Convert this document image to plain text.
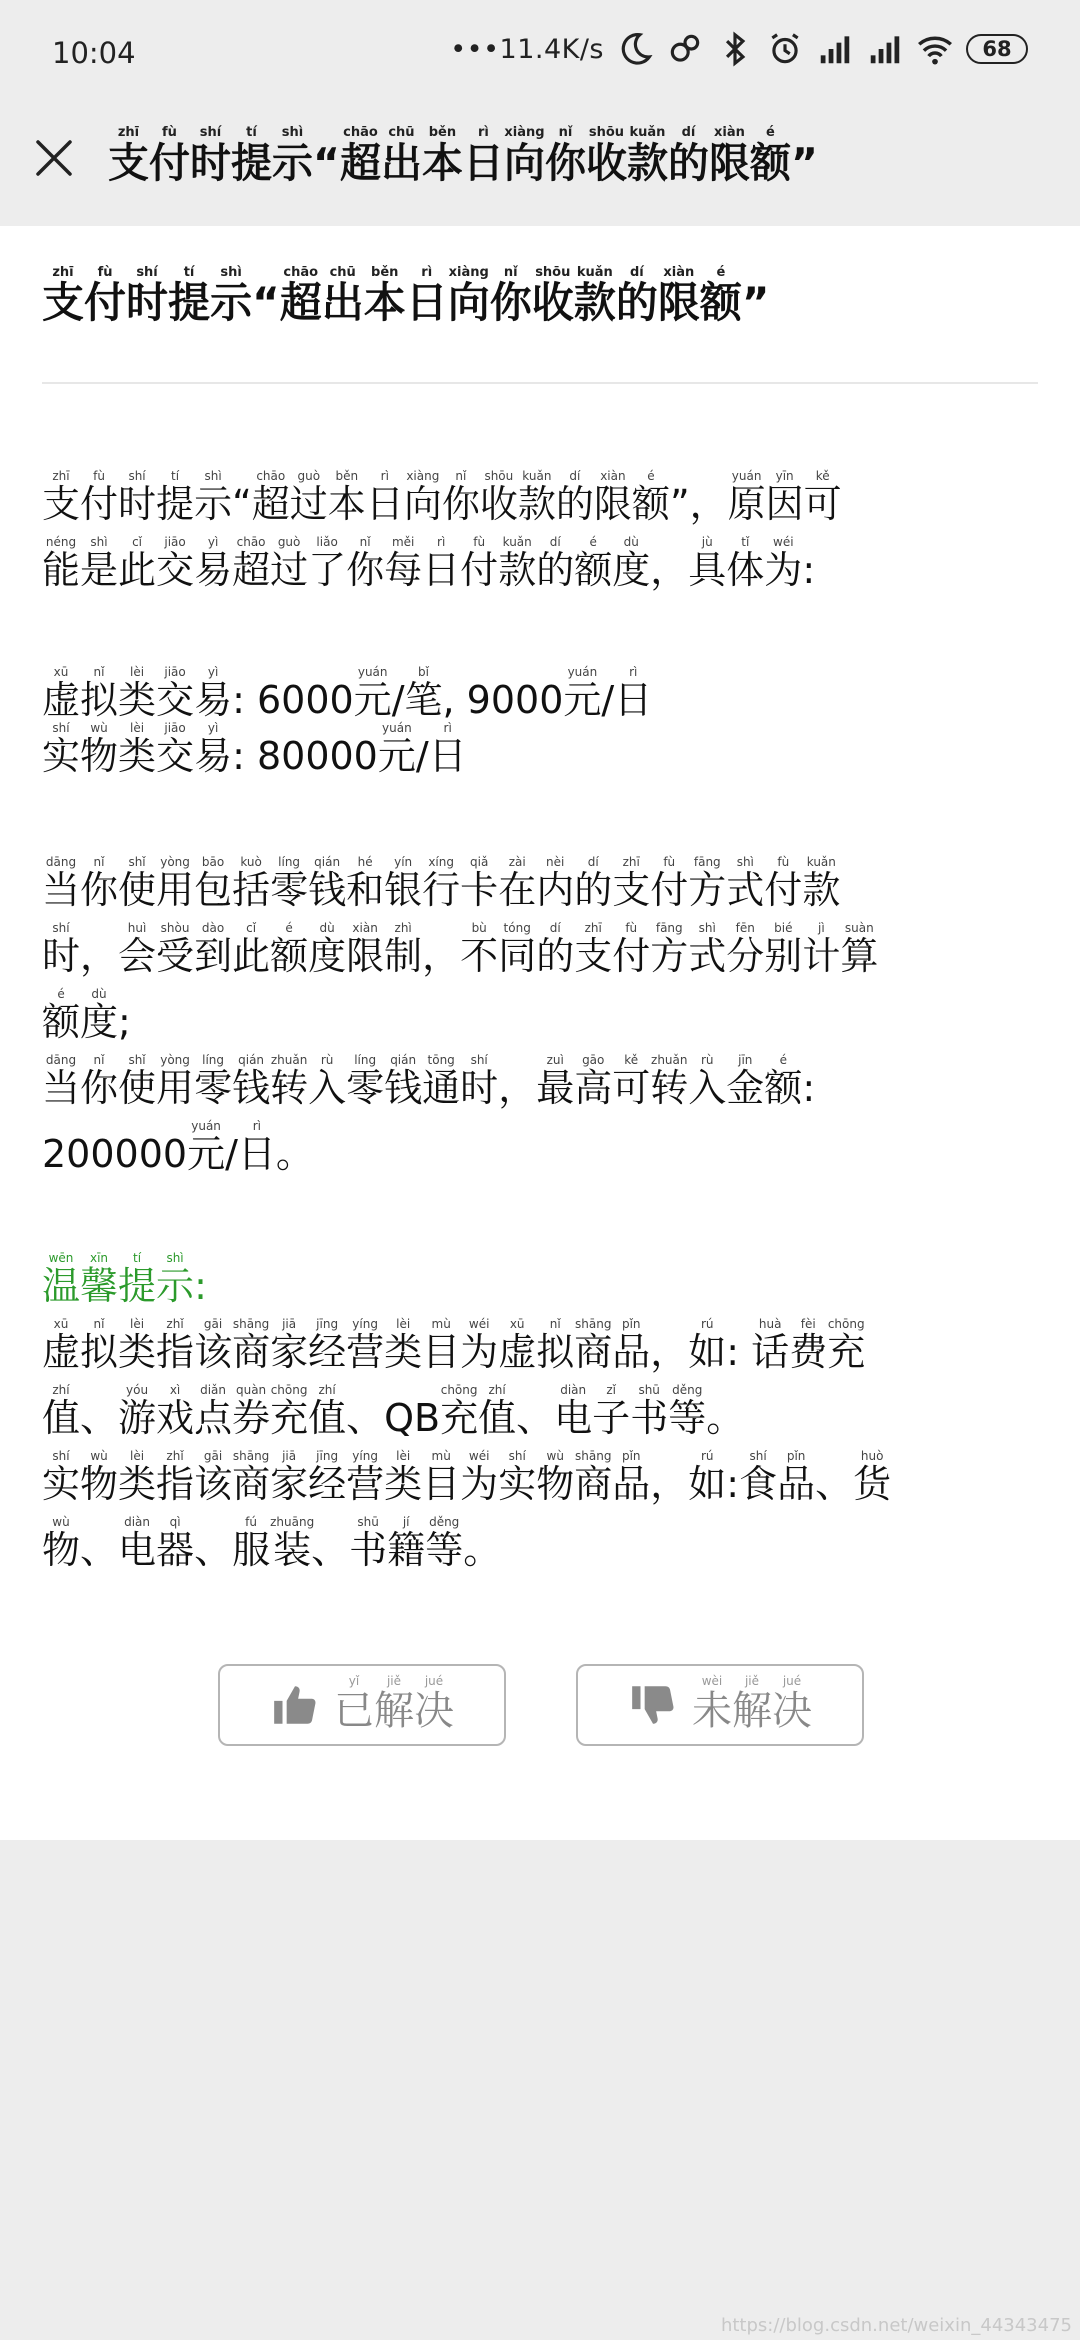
10:04	•••11.4K/s	68
支zhī付fù时shí提tí示shì“超chāo出chū本běn日rì向xiàng你nǐ收shōu款kuǎn的dí限xiàn额é”
支zhī付fù时shí提tí示shì“超chāo出chū本běn日rì向xiàng你nǐ收shōu款kuǎn的dí限xiàn额é”
支zhī付fù时shí提tí示shì“超chāo过guò本běn日rì向xiàng你nǐ收shōu款kuǎn的dí限xiàn额é”，原yuán因yīn可kě
能néng是shì此cǐ交jiāo易yì超chāo过guò了liǎo你nǐ每měi日rì付fù款kuǎn的dí额é度dù，具jù体tǐ为wéi:
虚xū拟nǐ类lèi交jiāo易yì: 6000元yuán/笔bǐ, 9000元yuán/日rì
实shí物wù类lèi交jiāo易yì: 80000元yuán/日rì
当dāng你nǐ使shǐ用yòng包bāo括kuò零líng钱qián和hé银yín行xíng卡qiǎ在zài内nèi的dí支zhī付fù方fāng式shì付fù款kuǎn
时shí，会huì受shòu到dào此cǐ额é度dù限xiàn制zhì，不bù同tóng的dí支zhī付fù方fāng式shì分fēn别bié计jì算suàn
额é度dù;
当dāng你nǐ使shǐ用yòng零líng钱qián转zhuǎn入rù零líng钱qián通tōng时shí，最zuì高gāo可kě转zhuǎn入rù金jīn额é:
200000元yuán/日rì。
温wēn馨xīn提tí示shì:
虚xū拟nǐ类lèi指zhǐ该gāi商shāng家jiā经jīng营yíng类lèi目mù为wéi虚xū拟nǐ商shāng品pǐn，如rú: 话huà费fèi充chōng
值zhí、游yóu戏xì点diǎn券quàn充chōng值zhí、QB充chōng值zhí、电diàn子zǐ书shū等děng。
实shí物wù类lèi指zhǐ该gāi商shāng家jiā经jīng营yíng类lèi目mù为wéi实shí物wù商shāng品pǐn，如rú:食shí品pǐn、货huò
物wù、电diàn器qì、服fú装zhuāng、书shū籍jí等děng。
已yǐ解jiě决jué
未wèi解jiě决jué
https://blog.csdn.net/weixin_44343475
